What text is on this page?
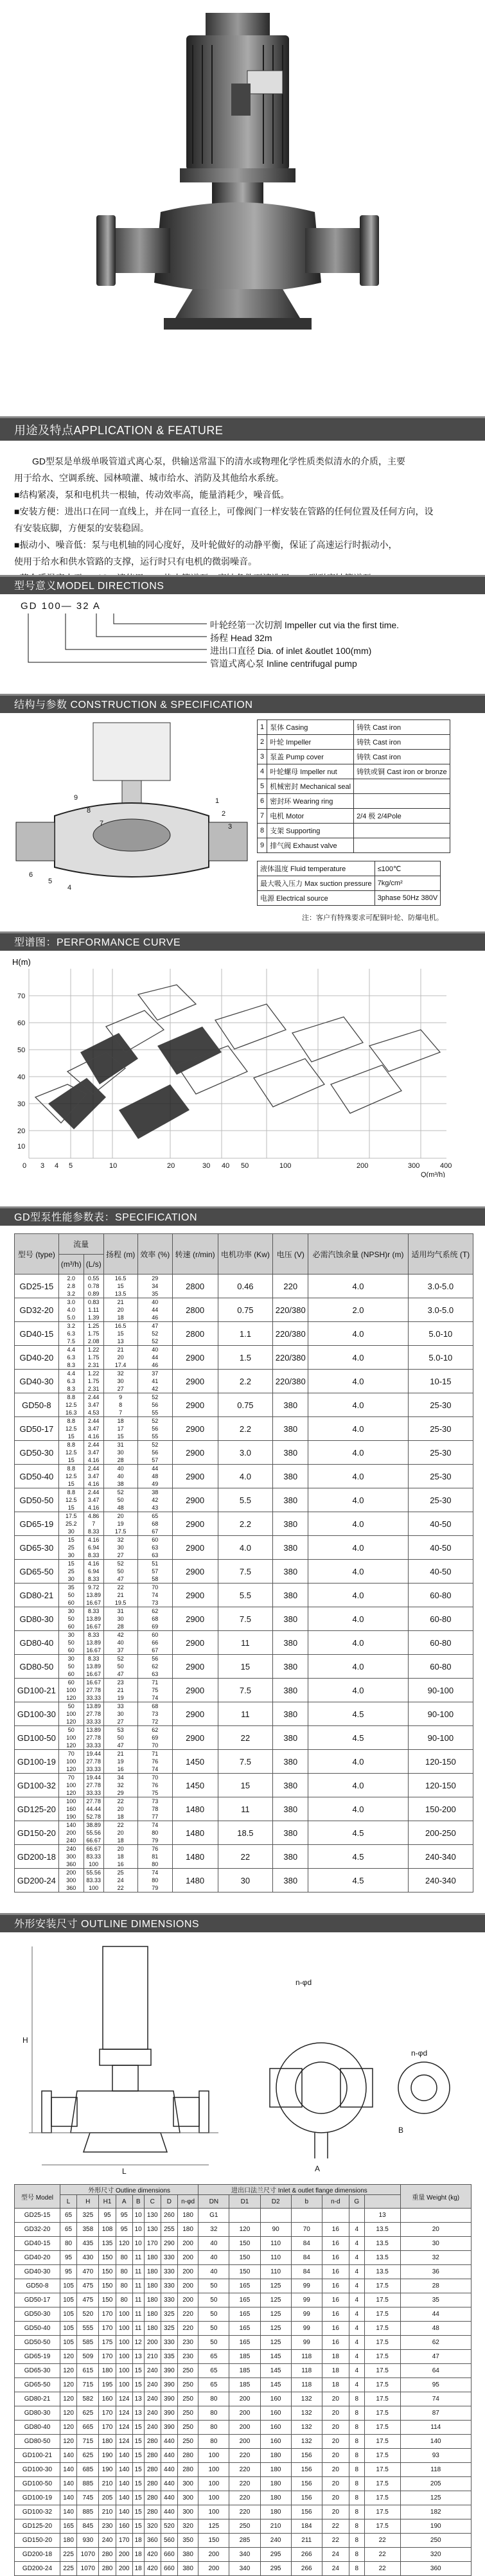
用途及特点APPLICATION & FEATURE

GD型泵是单级单吸管道式离心泵，供输送常温下的清水或物理化学性质类似清水的介质，主要

用于给水、空调系统、园林喷灌、城市给水、消防及其他给水系统。

■结构紧凑，泵和电机共一根轴，传动效率高，能量消耗少，噪音低。

■安装方便：进出口在同一直线上，并在同一直径上，可像阀门一样安装在管路的任何位置及任何方向，设

有安装底脚，方便泵的安装稳固。

■振动小、噪音低：泵与电机轴的同心度好，及叶轮做好的动静平衡，保证了高速运行时振动小，

使用于给水和供水管路的支撑，运行时只有电机的微弱噪音。

型号意义MODEL DIRECTIONS
GD 100— 32 A
叶轮经第一次切割 Impeller cut via the first time.
扬程 Head 32m
进出口直径 Dia. of inlet &outlet 100(mm)
管道式离心泵 Inline centrifugal pump
结构与参数 CONSTRUCTION & SPECIFICATION
9
8
7
1
2
3
6
5
4
1	泵体 Casing	铸铁 Cast iron
2	叶轮 Impeller	铸铁 Cast iron
3	泵盖 Pump cover	铸铁 Cast iron
4	叶轮螺母 Impeller nut	铸铁或铜 Cast iron or bronze
5	机械密封 Mechanical seal	
6	密封环 Wearing ring	
7	电机 Motor	2/4 极 2/4Pole
8	支架 Supporting	
9	排气阀 Exhaust valve	
液体温度 Fluid temperature	≤100℃
最大吸入压力 Max suction pressure	7kg/cm²
电源 Electrical source	3phase 50Hz 380V
注：客户有特殊要求可配铜叶轮、防爆电机。
型谱图：PERFORMANCE CURVE
H(m)
70
60
50
40
30
20
10
0 3 4 5	10	20	30 40 50	100	200	300	400
Q(m³/h)
GD型泵性能参数表：SPECIFICATION
型号 (type)	流量		扬程 (m)	效率 (%)	转速 (r/min)	电机功率 (Kw)	电压 (V)	必需汽蚀余量 (NPSH)r (m)	适用均气系统 (T)
	(m³/h)	(L/s)							
GD25-15	2.0
2.8
3.2	0.55
0.78
0.89	16.5
15
13.5	29
34
35	2800	0.46	220	4.0	3.0-5.0
GD32-20	3.0
4.0
5.0	0.83
1.11
1.39	21
20
18	40
44
46	2800	0.75	220/380	2.0	3.0-5.0
GD40-15	3.2
6.3
7.5	1.25
1.75
2.08	16.5
15
13	47
52
52	2800	1.1	220/380	4.0	5.0-10
GD40-20	4.4
6.3
8.3	1.22
1.75
2.31	21
20
17.4	40
44
46	2900	1.5	220/380	4.0	5.0-10
GD40-30	4.4
6.3
8.3	1.22
1.75
2.31	32
30
27	37
41
42	2900	2.2	220/380	4.0	10-15
GD50-8	8.8
12.5
16.3	2.44
3.47
4.53	9
8
7	52
56
55	2900	0.75	380	4.0	25-30
GD50-17	8.8
12.5
15	2.44
3.47
4.16	18
17
15	52
56
55	2900	2.2	380	4.0	25-30
GD50-30	8.8
12.5
15	2.44
3.47
4.16	31
30
28	52
56
57	2900	3.0	380	4.0	25-30
GD50-40	8.8
12.5
15	2.44
3.47
4.16	40
40
38	44
48
49	2900	4.0	380	4.0	25-30
GD50-50	8.8
12.5
15	2.44
3.47
4.16	52
50
48	38
42
43	2900	5.5	380	4.0	25-30
GD65-19	17.5
25.2
30	4.86
7
8.33	20
19
17.5	65
68
67	2900	2.2	380	4.0	40-50
GD65-30	15
25
30	4.16
6.94
8.33	32
30
27	60
63
63	2900	4.0	380	4.0	40-50
GD65-50	15
25
30	4.16
6.94
8.33	52
50
47	51
57
58	2900	7.5	380	4.0	40-50
GD80-21	35
50
60	9.72
13.89
16.67	22
21
19.5	70
74
73	2900	5.5	380	4.0	60-80
GD80-30	30
50
60	8.33
13.89
16.67	31
30
28	62
68
69	2900	7.5	380	4.0	60-80
GD80-40	30
50
60	8.33
13.89
16.67	42
40
37	60
66
67	2900	11	380	4.0	60-80
GD80-50	30
50
60	8.33
13.89
16.67	52
50
47	56
62
63	2900	15	380	4.0	60-80
GD100-21	60
100
120	16.67
27.78
33.33	23
21
19	71
75
74	2900	7.5	380	4.0	90-100
GD100-30	50
100
120	13.89
27.78
33.33	33
30
27	68
73
72	2900	11	380	4.5	90-100
GD100-50	50
100
120	13.89
27.78
33.33	53
50
47	62
69
70	2900	22	380	4.5	90-100
GD100-19	70
100
120	19.44
27.78
33.33	21
19
16	71
76
74	1450	7.5	380	4.0	120-150
GD100-32	70
100
120	19.44
27.78
33.33	34
32
29	70
76
75	1450	15	380	4.0	120-150
GD125-20	100
160
190	27.78
44.44
52.78	22
20
18	73
78
77	1480	11	380	4.0	150-200
GD150-20	140
200
240	38.89
55.56
66.67	22
20
18	74
80
79	1480	18.5	380	4.5	200-250
GD200-18	240
300
360	66.67
83.33
100	20
18
16	76
81
80	1480	22	380	4.5	240-340
GD200-24	200
300
360	55.56
83.33
100	25
24
22	74
80
79	1480	30	380	4.5	240-340
外形安装尺寸 OUTLINE DIMENSIONS
H
L
n-φd
n-φd
A
B
型号 Model	外形尺寸 Outline dimensions								进出口法兰尺寸 Inlet & outlet flange dimensions							重量 Weight (kg)
	L	H	H1	A	B	C	D	n-φd	DN	D1	D2	b	n-d	G		
GD25-15	65	325	95	95	10	130	260	180	G1						13	
GD32-20	65	358	108	95	10	130	255	180	32	120	90	70	16	4	13.5	20
GD40-15	80	435	135	120	10	170	290	200	40	150	110	84	16	4	13.5	30
GD40-20	95	430	150	80	11	180	330	200	40	150	110	84	16	4	13.5	32
GD40-30	95	470	150	80	11	180	330	200	40	150	110	84	16	4	13.5	36
GD50-8	105	475	150	80	11	180	330	200	50	165	125	99	16	4	17.5	28
GD50-17	105	475	150	80	11	180	330	200	50	165	125	99	16	4	17.5	35
GD50-30	105	520	170	100	11	180	325	220	50	165	125	99	16	4	17.5	44
GD50-40	105	555	170	100	11	180	325	220	50	165	125	99	16	4	17.5	48
GD50-50	105	585	175	100	12	200	330	230	50	165	125	99	16	4	17.5	62
GD65-19	120	509	170	100	13	210	335	230	65	185	145	118	18	4	17.5	47
GD65-30	120	615	180	100	15	240	390	250	65	185	145	118	18	4	17.5	64
GD65-50	120	715	195	100	15	240	390	250	65	185	145	118	18	4	17.5	95
GD80-21	120	582	160	124	13	240	390	250	80	200	160	132	20	8	17.5	74
GD80-30	120	625	170	124	13	240	390	250	80	200	160	132	20	8	17.5	87
GD80-40	120	665	170	124	15	240	390	250	80	200	160	132	20	8	17.5	114
GD80-50	120	715	180	124	15	280	440	250	80	200	160	132	20	8	17.5	140
GD100-21	140	625	190	140	15	280	440	280	100	220	180	156	20	8	17.5	93
GD100-30	140	685	190	140	15	280	440	280	100	220	180	156	20	8	17.5	118
GD100-50	140	885	210	140	15	280	440	300	100	220	180	156	20	8	17.5	205
GD100-19	140	745	205	140	15	280	440	300	100	220	180	156	20	8	17.5	125
GD100-32	140	885	210	140	15	280	440	300	100	220	180	156	20	8	17.5	182
GD125-20	165	845	230	160	15	320	520	320	125	250	210	184	22	8	17.5	190
GD150-20	180	930	240	170	18	360	560	350	150	285	240	211	22	8	22	250
GD200-18	225	1070	280	200	18	420	660	380	200	340	295	266	24	8	22	320
GD200-24	225	1070	280	200	18	420	660	380	200	340	295	266	24	8	22	360
